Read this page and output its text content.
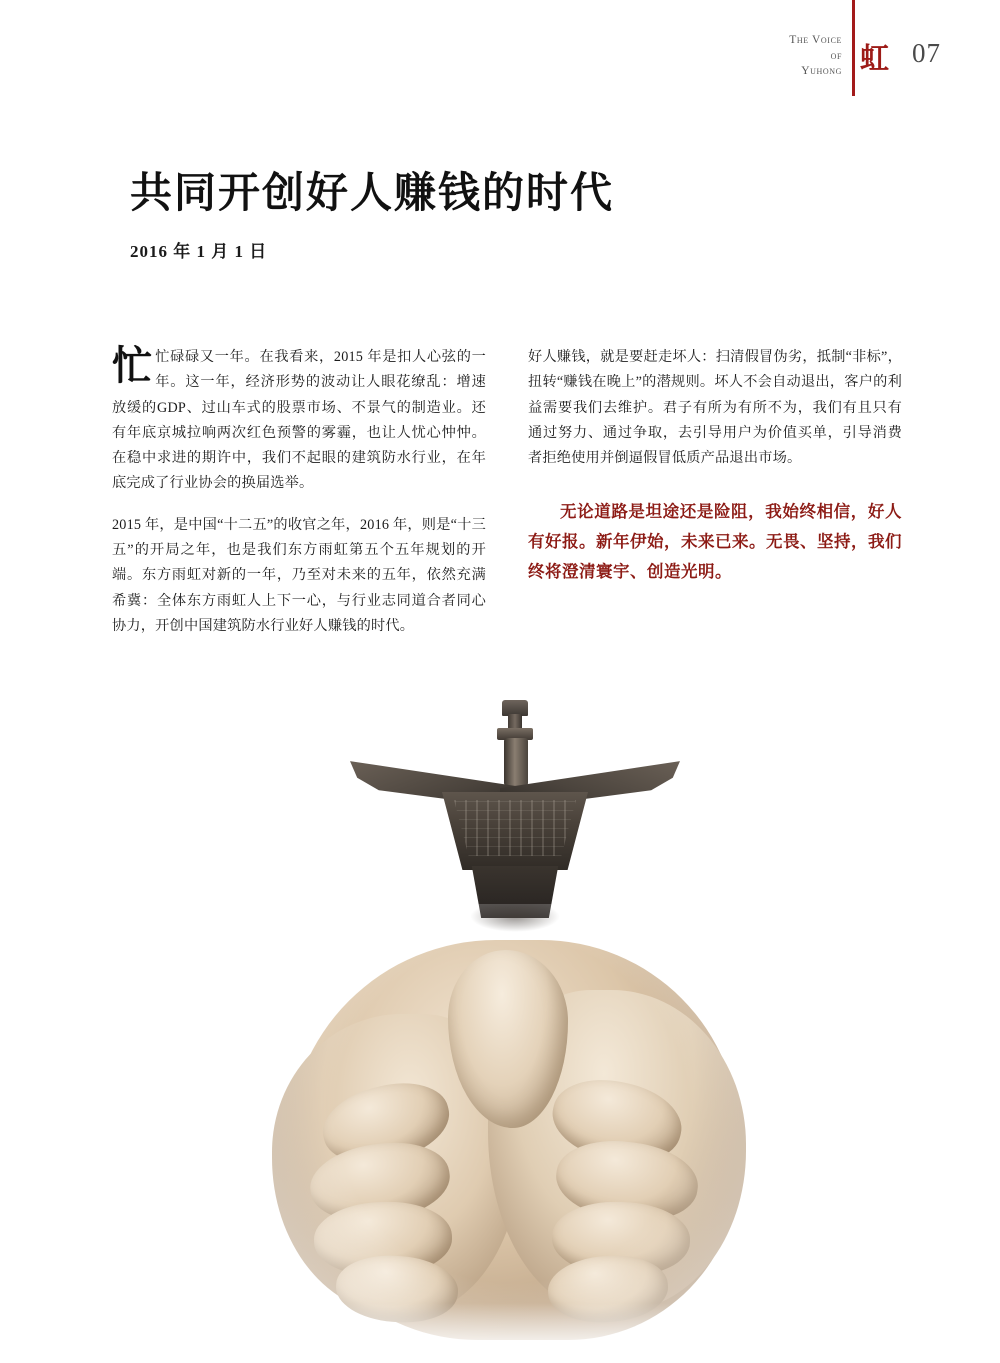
The Voice
of
Yuhong 虹 07
共同开创好人赚钱的时代
2016 年 1 月 1 日

忙忙碌碌又一年。在我看来，2015 年是扣人心弦的一年。这一年，经济形势的波动让人眼花缭乱：增速放缓的GDP、过山车式的股票市场、不景气的制造业。还有年底京城拉响两次红色预警的雾霾，也让人忧心忡忡。在稳中求进的期许中，我们不起眼的建筑防水行业，在年底完成了行业协会的换届选举。

2015 年，是中国“十二五”的收官之年，2016 年，则是“十三五”的开局之年，也是我们东方雨虹第五个五年规划的开端。东方雨虹对新的一年，乃至对未来的五年，依然充满希冀：全体东方雨虹人上下一心，与行业志同道合者同心协力，开创中国建筑防水行业好人赚钱的时代。

好人赚钱，就是要赶走坏人：扫清假冒伪劣，抵制“非标”，扭转“赚钱在晚上”的潜规则。坏人不会自动退出，客户的利益需要我们去维护。君子有所为有所不为，我们有且只有通过努力、通过争取，去引导用户为价值买单，引导消费者拒绝使用并倒逼假冒低质产品退出市场。

无论道路是坦途还是险阻，我始终相信，好人有好报。新年伊始，未来已来。无畏、坚持，我们终将澄清寰宇、创造光明。
